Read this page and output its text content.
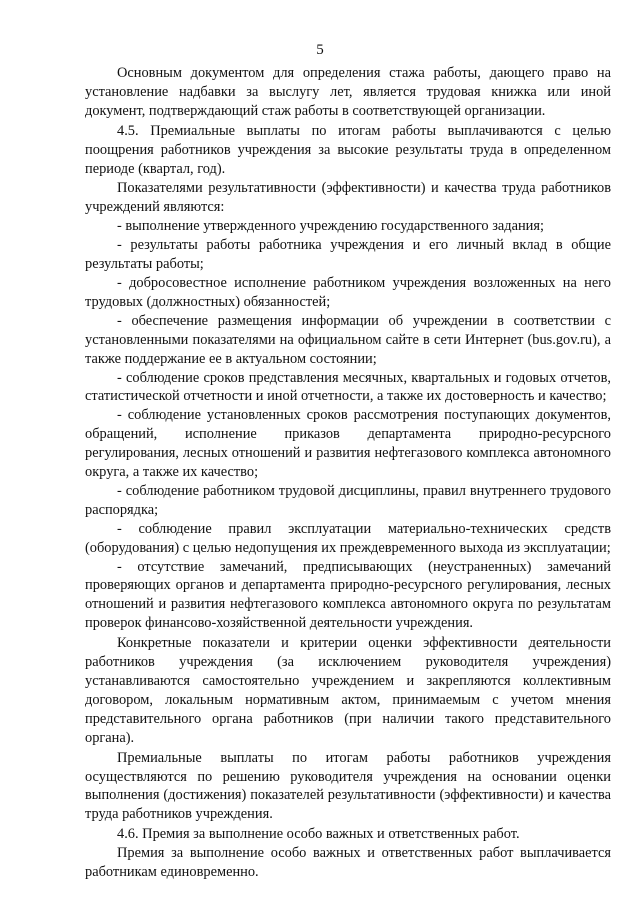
5

Основным документом для определения стажа работы, дающего право на установление надбавки за выслугу лет, является трудовая книжка или иной документ, подтверждающий стаж работы в соответствующей организации.

4.5. Премиальные выплаты по итогам работы выплачиваются с целью поощрения работников учреждения за высокие результаты труда в определенном периоде (квартал, год).

Показателями результативности (эффективности) и качества труда работников учреждений являются:

- выполнение утвержденного учреждению государственного задания;

- результаты работы работника учреждения и его личный вклад в общие результаты работы;

- добросовестное исполнение работником учреждения возложенных на него трудовых (должностных) обязанностей;

- обеспечение размещения информации об учреждении в соответствии с установленными показателями на официальном сайте в сети Интернет (bus.gov.ru), а также поддержание ее в актуальном состоянии;

- соблюдение сроков представления месячных, квартальных и годовых отчетов, статистической отчетности и иной отчетности, а также их достоверность и качество;

- соблюдение установленных сроков рассмотрения поступающих документов, обращений, исполнение приказов департамента природно-ресурсного регулирования, лесных отношений и развития нефтегазового комплекса автономного округа, а также их качество;

- соблюдение работником трудовой дисциплины, правил внутреннего трудового распорядка;

- соблюдение правил эксплуатации материально-технических средств (оборудования) с целью недопущения их преждевременного выхода из эксплуатации;

- отсутствие замечаний, предписывающих (неустраненных) замечаний проверяющих органов и департамента природно-ресурсного регулирования, лесных отношений и развития нефтегазового комплекса автономного округа по результатам проверок финансово-хозяйственной деятельности учреждения.

Конкретные показатели и критерии оценки эффективности деятельности работников учреждения (за исключением руководителя учреждения) устанавливаются самостоятельно учреждением и закрепляются коллективным договором, локальным нормативным актом, принимаемым с учетом мнения представительного органа работников (при наличии такого представительного органа).

Премиальные выплаты по итогам работы работников учреждения осуществляются по решению руководителя учреждения на основании оценки выполнения (достижения) показателей результативности (эффективности) и качества труда работников учреждения.

4.6. Премия за выполнение особо важных и ответственных работ.

Премия за выполнение особо важных и ответственных работ выплачивается работникам единовременно.
